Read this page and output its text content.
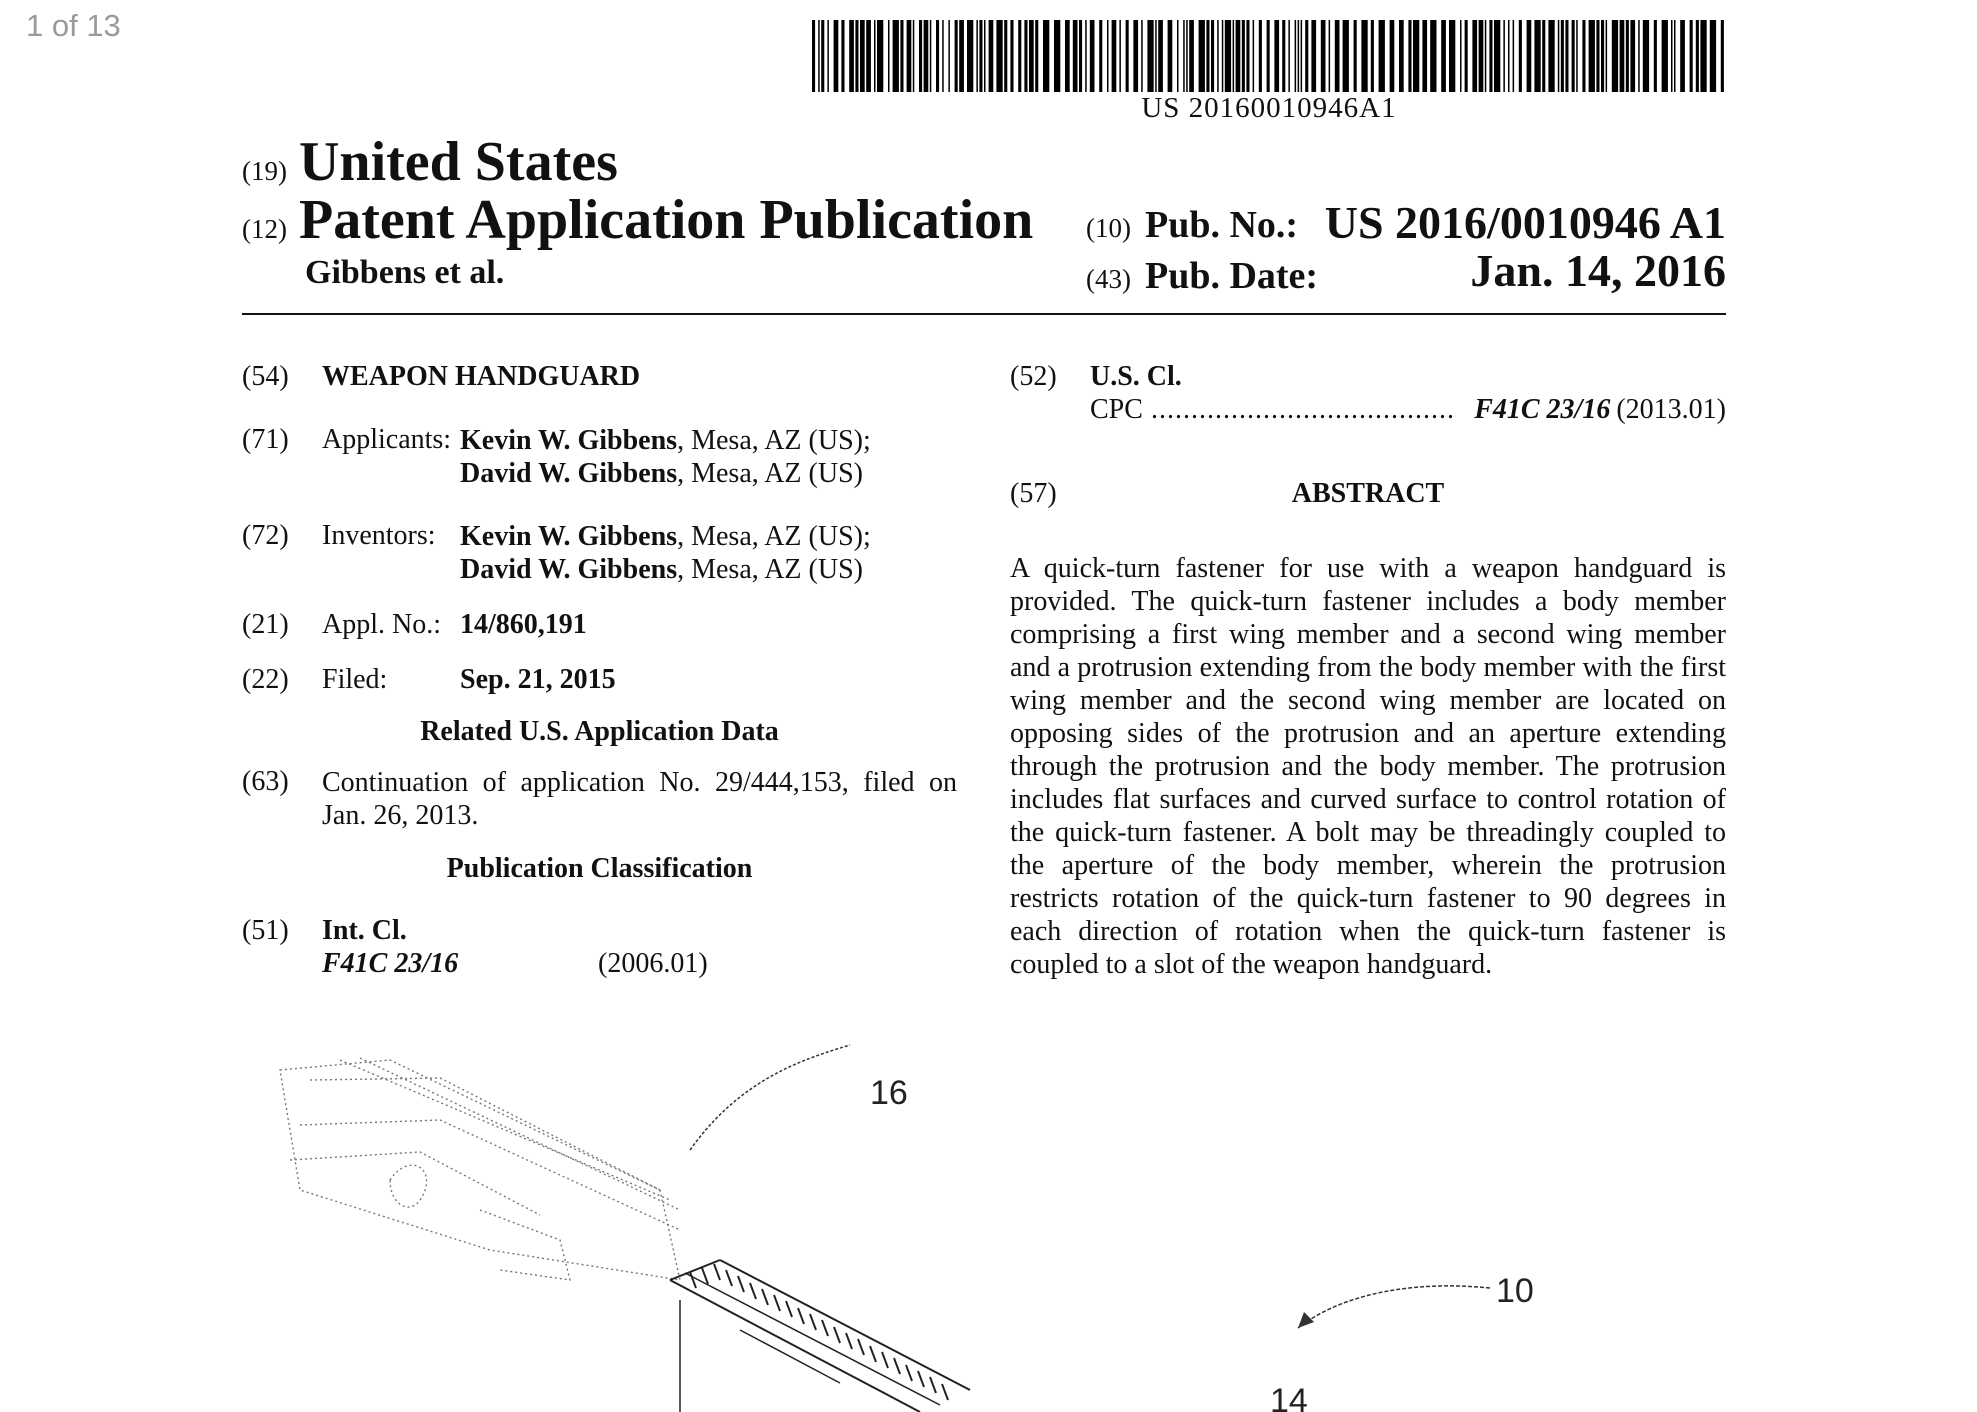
1 of 13
US 20160010946A1
(19) United States
(12) Patent Application Publication
Gibbens et al.
(10) Pub. No.: US 2016/0010946 A1
(43) Pub. Date:	Jan. 14, 2016
(54) WEAPON HANDGUARD
(71) Applicants: Kevin W. Gibbens, Mesa, AZ (US);
David W. Gibbens, Mesa, AZ (US)
(72) Inventors: Kevin W. Gibbens, Mesa, AZ (US);
David W. Gibbens, Mesa, AZ (US)
(21) Appl. No.: 14/860,191
(22) Filed:	Sep. 21, 2015
Related U.S. Application Data
(63) Continuation of application No. 29/444,153, filed on
Jan. 26, 2013.
Publication Classification
(51) Int. Cl.
F41C 23/16	(2006.01)
(52) U.S. Cl.
CPC ...................................... F41C 23/16 (2013.01)
(57)	ABSTRACT
A quick-turn fastener for use with a weapon handguard is provided. The quick-turn fastener includes a body member comprising a first wing member and a second wing member and a protrusion extending from the body member with the first wing member and the second wing member are located on opposing sides of the protrusion and an aperture extending through the protrusion and the body member. The protrusion includes flat surfaces and curved surface to control rotation of the quick-turn fastener. A bolt may be threadingly coupled to the aperture of the body member, wherein the protrusion restricts rotation of the quick-turn fastener to 90 degrees in each direction of rotation when the quick-turn fastener is coupled to a slot of the weapon handguard.
16
10
14
